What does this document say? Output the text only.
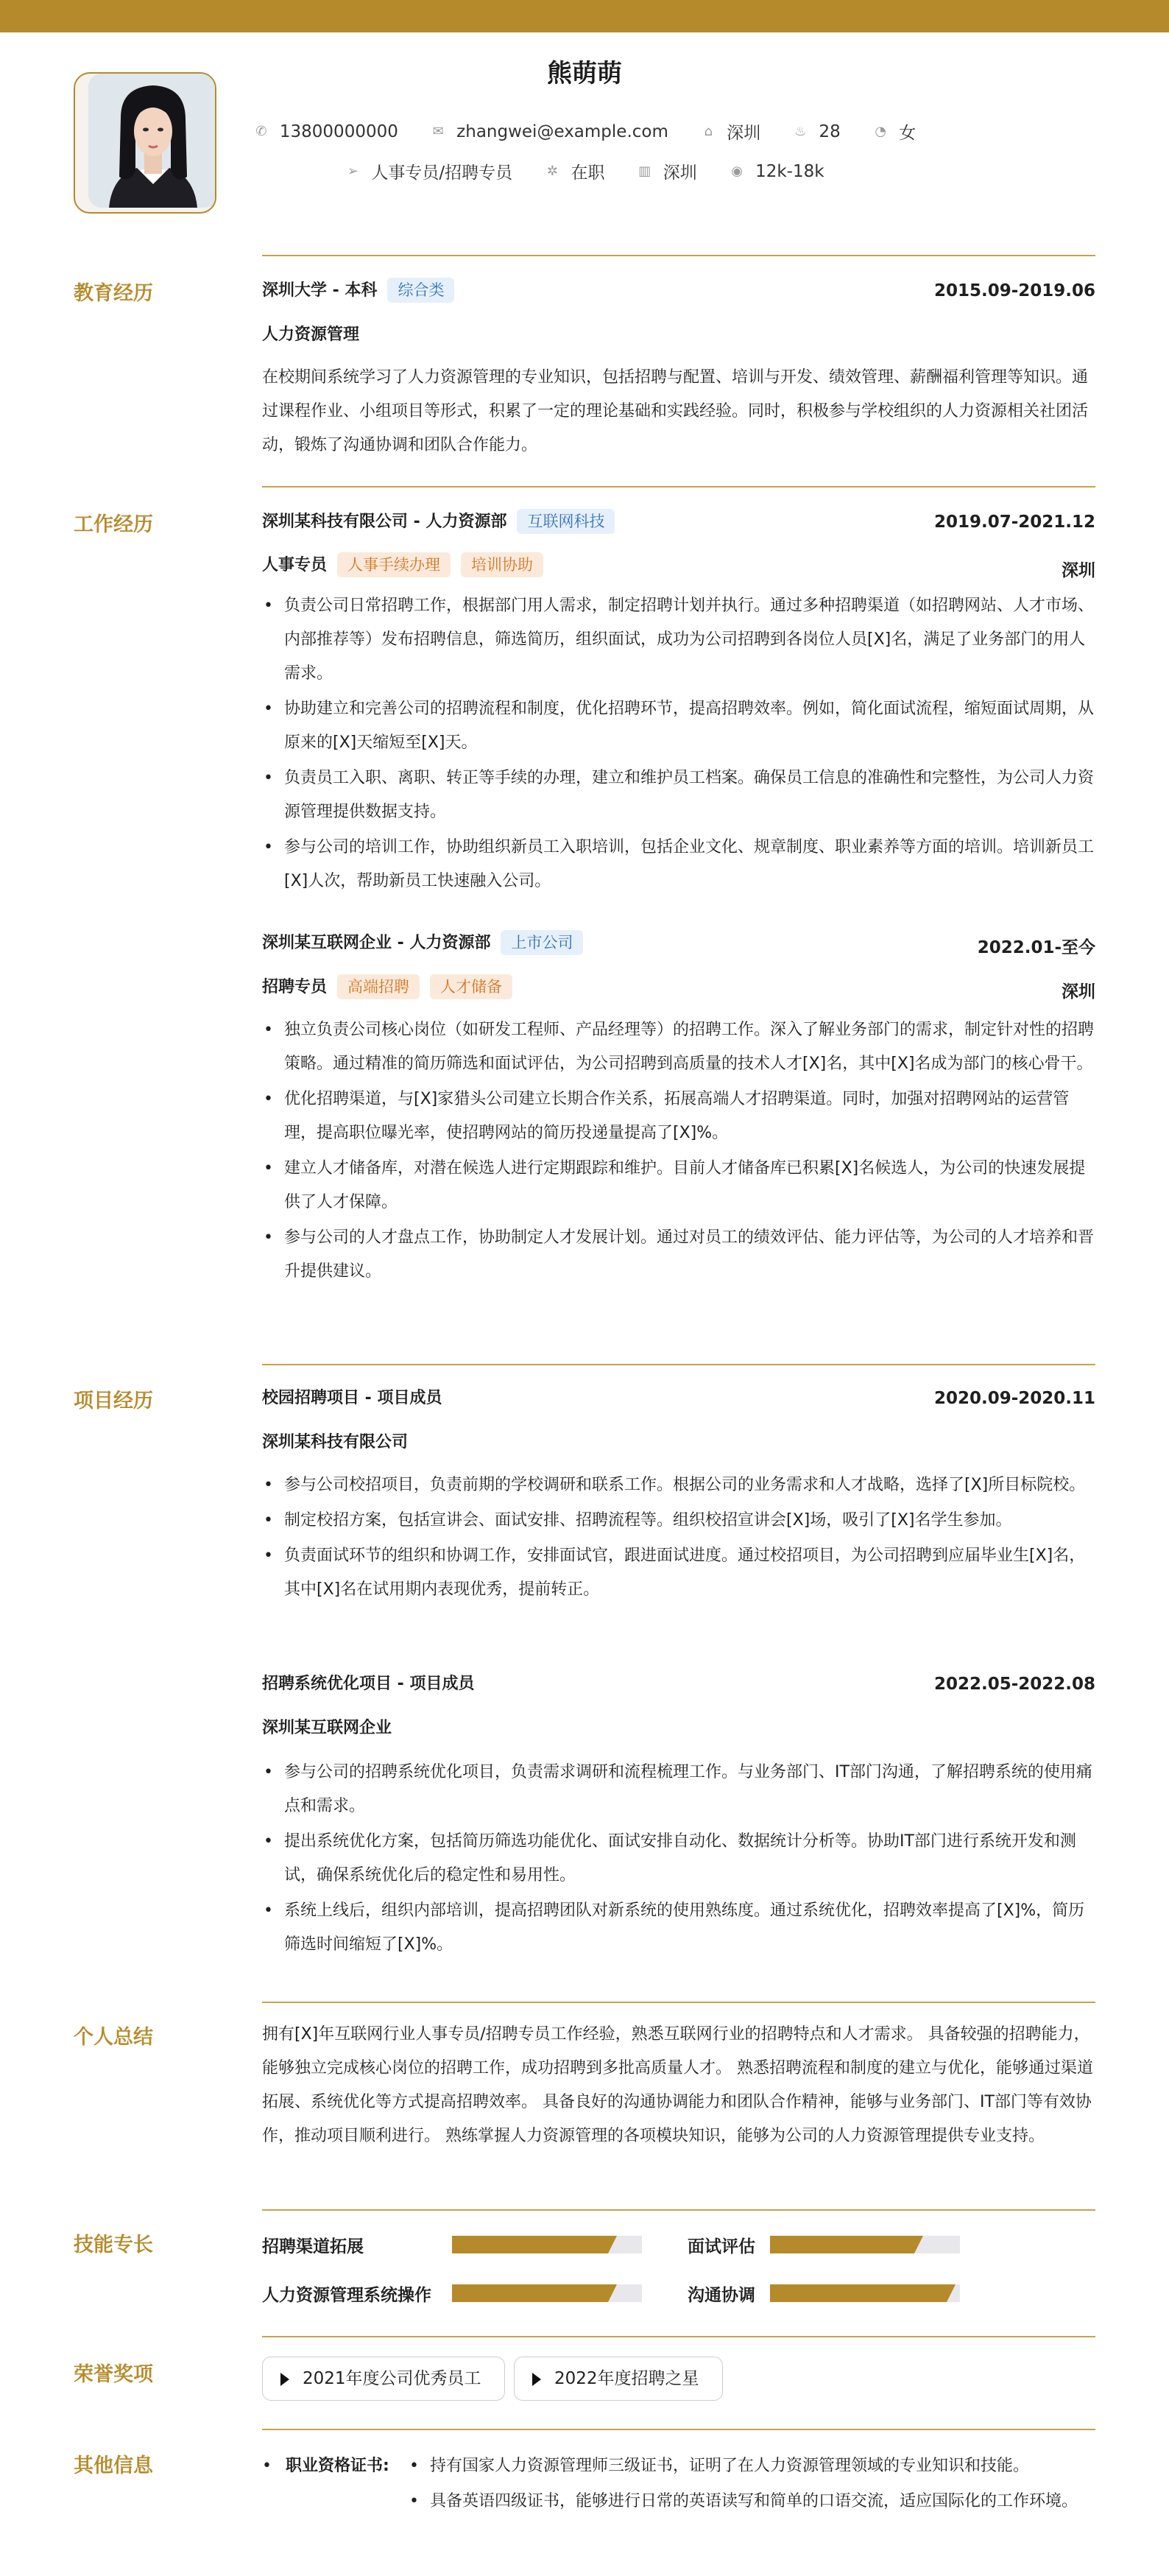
熊萌萌
✆ 13800000000
	✉ zhangwei@example.com
	⌂ 深圳
	♨ 28
	◔ 女
➢ 人事专员/招聘专员
	✲ 在职
	▥ 深圳
	◉ 12k-18k
教育经历	深圳大学 - 本科 综合类	2015.09-2019.06
人力资源管理
在校期间系统学习了人力资源管理的专业知识，包括招聘与配置、培训与开发、绩效管理、薪酬福利管理等知识。通过课程作业、小组项目等形式，积累了一定的理论基础和实践经验。同时，积极参与学校组织的人力资源相关社团活动，锻炼了沟通协调和团队合作能力。
工作经历	深圳某科技有限公司 - 人力资源部 互联网科技	2019.07-2021.12
人事专员 人事手续办理 培训协助	深圳
• 负责公司日常招聘工作，根据部门用人需求，制定招聘计划并执行。通过多种招聘渠道（如招聘网站、人才市场、内部推荐等）发布招聘信息，筛选简历，组织面试，成功为公司招聘到各岗位人员[X]名，满足了业务部门的用人需求。
• 协助建立和完善公司的招聘流程和制度，优化招聘环节，提高招聘效率。例如，简化面试流程，缩短面试周期，从原来的[X]天缩短至[X]天。
• 负责员工入职、离职、转正等手续的办理，建立和维护员工档案。确保员工信息的准确性和完整性，为公司人力资源管理提供数据支持。
• 参与公司的培训工作，协助组织新员工入职培训，包括企业文化、规章制度、职业素养等方面的培训。培训新员工[X]人次，帮助新员工快速融入公司。
深圳某互联网企业 - 人力资源部 上市公司	2022.01-至今
招聘专员 高端招聘 人才储备	深圳
• 独立负责公司核心岗位（如研发工程师、产品经理等）的招聘工作。深入了解业务部门的需求，制定针对性的招聘策略。通过精准的简历筛选和面试评估，为公司招聘到高质量的技术人才[X]名，其中[X]名成为部门的核心骨干。
• 优化招聘渠道，与[X]家猎头公司建立长期合作关系，拓展高端人才招聘渠道。同时，加强对招聘网站的运营管理，提高职位曝光率，使招聘网站的简历投递量提高了[X]%。
• 建立人才储备库，对潜在候选人进行定期跟踪和维护。目前人才储备库已积累[X]名候选人，为公司的快速发展提供了人才保障。
• 参与公司的人才盘点工作，协助制定人才发展计划。通过对员工的绩效评估、能力评估等，为公司的人才培养和晋升提供建议。
项目经历	校园招聘项目 - 项目成员	2020.09-2020.11
深圳某科技有限公司
• 参与公司校招项目，负责前期的学校调研和联系工作。根据公司的业务需求和人才战略，选择了[X]所目标院校。
• 制定校招方案，包括宣讲会、面试安排、招聘流程等。组织校招宣讲会[X]场，吸引了[X]名学生参加。
• 负责面试环节的组织和协调工作，安排面试官，跟进面试进度。通过校招项目，为公司招聘到应届毕业生[X]名，其中[X]名在试用期内表现优秀，提前转正。
招聘系统优化项目 - 项目成员	2022.05-2022.08
深圳某互联网企业
• 参与公司的招聘系统优化项目，负责需求调研和流程梳理工作。与业务部门、IT部门沟通，了解招聘系统的使用痛点和需求。
• 提出系统优化方案，包括简历筛选功能优化、面试安排自动化、数据统计分析等。协助IT部门进行系统开发和测试，确保系统优化后的稳定性和易用性。
• 系统上线后，组织内部培训，提高招聘团队对新系统的使用熟练度。通过系统优化，招聘效率提高了[X]%，简历筛选时间缩短了[X]%。
个人总结	拥有[X]年互联网行业人事专员/招聘专员工作经验，熟悉互联网行业的招聘特点和人才需求。 具备较强的招聘能力，能够独立完成核心岗位的招聘工作，成功招聘到多批高质量人才。 熟悉招聘流程和制度的建立与优化，能够通过渠道拓展、系统优化等方式提高招聘效率。 具备良好的沟通协调能力和团队合作精神，能够与业务部门、IT部门等有效协作，推动项目顺利进行。 熟练掌握人力资源管理的各项模块知识，能够为公司的人力资源管理提供专业支持。
技能专长	招聘渠道拓展	面试评估
人力资源管理系统操作	沟通协调
荣誉奖项	2021年度公司优秀员工	2022年度招聘之星
其他信息	• 职业资格证书:
•	持有国家人力资源管理师三级证书，证明了在人力资源管理领域的专业知识和技能。
• 具备英语四级证书，能够进行日常的英语读写和简单的口语交流，适应国际化的工作环境。
